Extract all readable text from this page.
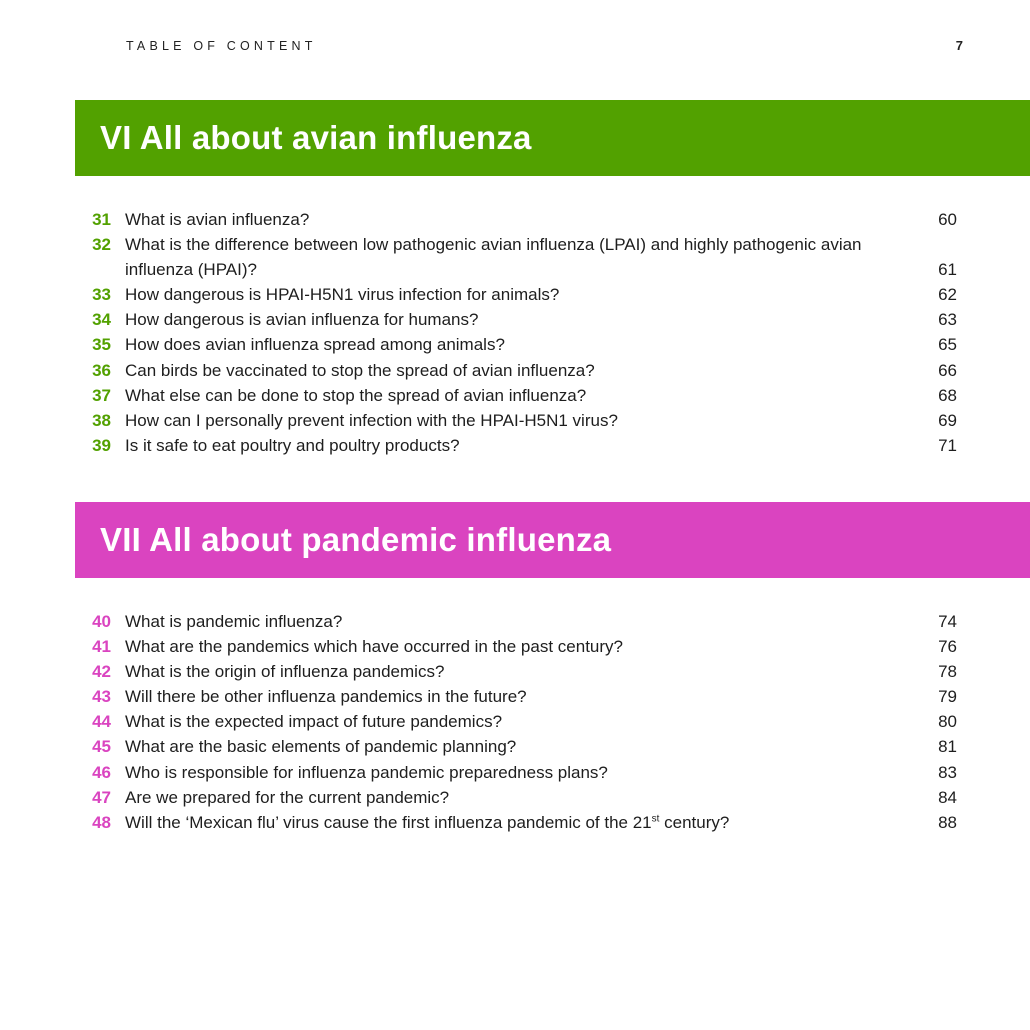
TABLE OF CONTENT	7
VI All about avian influenza
31 What is avian influenza?	60
32 What is the difference between low pathogenic avian influenza (LPAI) and highly pathogenic avian influenza (HPAI)?	61
33 How dangerous is HPAI-H5N1 virus infection for animals?	62
34 How dangerous is avian influenza for humans?	63
35 How does avian influenza spread among animals?	65
36 Can birds be vaccinated to stop the spread of avian influenza?	66
37 What else can be done to stop the spread of avian influenza?	68
38 How can I personally prevent infection with the HPAI-H5N1 virus?	69
39 Is it safe to eat poultry and poultry products?	71
VII All about pandemic influenza
40 What is pandemic influenza?	74
41 What are the pandemics which have occurred in the past century?	76
42 What is the origin of influenza pandemics?	78
43 Will there be other influenza pandemics in the future?	79
44 What is the expected impact of future pandemics?	80
45 What are the basic elements of pandemic planning?	81
46 Who is responsible for influenza pandemic preparedness plans?	83
47 Are we prepared for the current pandemic?	84
48 Will the ‘Mexican flu’ virus cause the first influenza pandemic of the 21st century?	88
